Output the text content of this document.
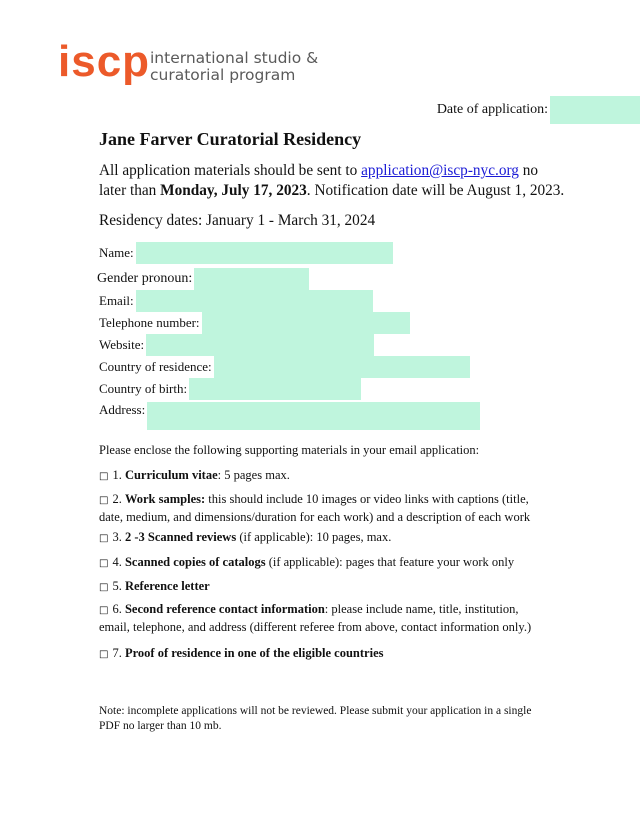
iscp international studio &
curatorial program
Date of application:
Jane Farver Curatorial Residency
All application materials should be sent to application@iscp-nyc.org no later than Monday, July 17, 2023. Notification date will be August 1, 2023.
Residency dates: January 1 - March 31, 2024
Name:
Gender pronoun:
Email:
Telephone number:
Website:
Country of residence:
Country of birth:
Address:
Please enclose the following supporting materials in your email application:
□ 1. Curriculum vitae: 5 pages max.
□ 2. Work samples: this should include 10 images or video links with captions (title, date, medium, and dimensions/duration for each work) and a description of each work
□ 3. 2 -3 Scanned reviews (if applicable): 10 pages, max.
□ 4. Scanned copies of catalogs (if applicable): pages that feature your work only
□ 5. Reference letter
□ 6. Second reference contact information: please include name, title, institution, email, telephone, and address (different referee from above, contact information only.)
□ 7. Proof of residence in one of the eligible countries
Note: incomplete applications will not be reviewed. Please submit your application in a single PDF no larger than 10 mb.
